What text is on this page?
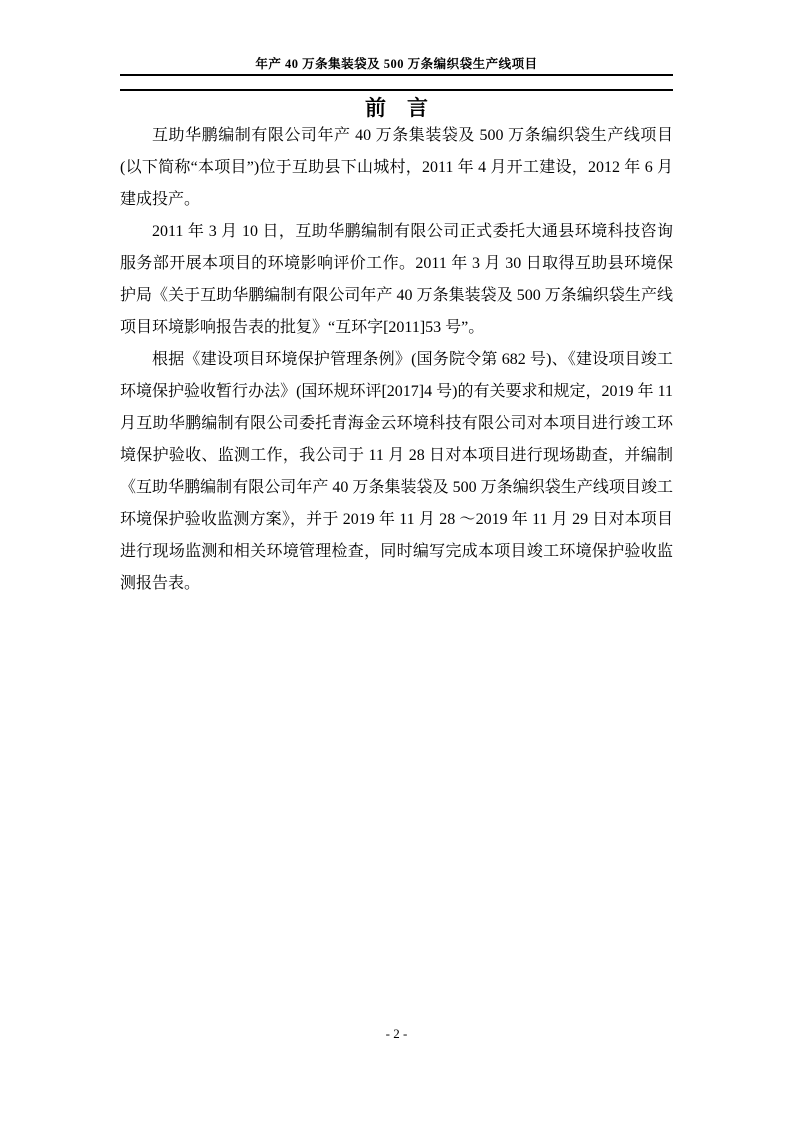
年产 40 万条集装袋及 500 万条编织袋生产线项目
前　言

互助华鹏编制有限公司年产 40 万条集装袋及 500 万条编织袋生产线项目(以下简称“本项目”)位于互助县下山城村，2011 年 4 月开工建设，2012 年 6 月建成投产。

2011 年 3 月 10 日，互助华鹏编制有限公司正式委托大通县环境科技咨询服务部开展本项目的环境影响评价工作。2011 年 3 月 30 日取得互助县环境保护局《关于互助华鹏编制有限公司年产 40 万条集装袋及 500 万条编织袋生产线项目环境影响报告表的批复》“互环字[2011]53 号”。

根据《建设项目环境保护管理条例》(国务院令第 682 号)、《建设项目竣工环境保护验收暂行办法》(国环规环评[2017]4 号)的有关要求和规定，2019 年 11 月互助华鹏编制有限公司委托青海金云环境科技有限公司对本项目进行竣工环境保护验收、监测工作，我公司于 11 月 28 日对本项目进行现场勘查，并编制《互助华鹏编制有限公司年产 40 万条集装袋及 500 万条编织袋生产线项目竣工环境保护验收监测方案》，并于 2019 年 11 月 28 ～2019 年 11 月 29 日对本项目进行现场监测和相关环境管理检查，同时编写完成本项目竣工环境保护验收监测报告表。

- 2 -
